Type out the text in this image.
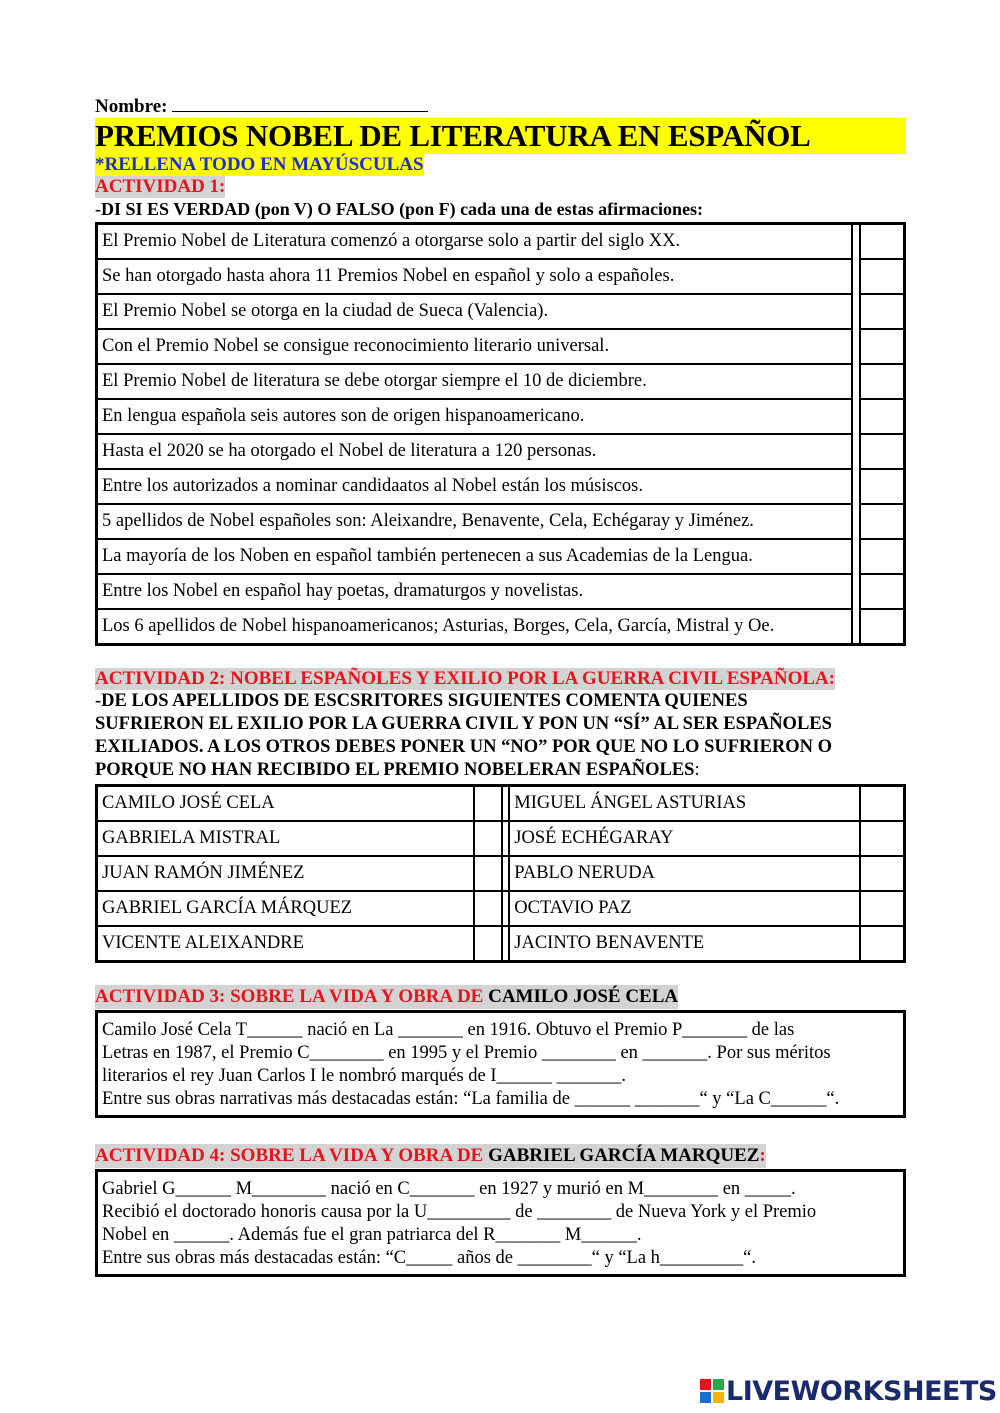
Nombre:
PREMIOS NOBEL DE LITERATURA EN ESPAÑOL
*RELLENA TODO EN MAYÚSCULAS
ACTIVIDAD 1:
-DI SI ES VERDAD (pon V) O FALSO (pon F) cada una de estas afirmaciones:
El Premio Nobel de Literatura comenzó a otorgarse solo a partir del siglo XX.		
Se han otorgado hasta ahora 11 Premios Nobel en español y solo a españoles.		
El Premio Nobel se otorga en la ciudad de Sueca (Valencia).		
Con el Premio Nobel se consigue reconocimiento literario universal.		
El Premio Nobel de literatura se debe otorgar siempre el 10 de diciembre.		
En lengua española seis autores son de origen hispanoamericano.		
Hasta el 2020 se ha otorgado el Nobel de literatura a 120 personas.		
Entre los autorizados a nominar candidaatos al Nobel están los músiscos.		
5 apellidos de Nobel españoles son: Aleixandre, Benavente, Cela, Echégaray y Jiménez.		
La mayoría de los Noben en español también pertenecen a sus Academias de la Lengua.		
Entre los Nobel en español hay poetas, dramaturgos y novelistas.		
Los 6 apellidos de Nobel hispanoamericanos; Asturias, Borges, Cela, García, Mistral y Oe.		
ACTIVIDAD 2: NOBEL ESPAÑOLES Y EXILIO POR LA GUERRA CIVIL ESPAÑOLA:
-DE LOS APELLIDOS DE ESCSRITORES SIGUIENTES COMENTA QUIENES
SUFRIERON EL EXILIO POR LA GUERRA CIVIL Y PON UN “SÍ” AL SER ESPAÑOLES
EXILIADOS. A LOS OTROS DEBES PONER UN “NO” POR QUE NO LO SUFRIERON O
PORQUE NO HAN RECIBIDO EL PREMIO NOBELERAN ESPAÑOLES:
CAMILO JOSÉ CELA			MIGUEL ÁNGEL ASTURIAS	
GABRIELA MISTRAL			JOSÉ ECHÉGARAY	
JUAN RAMÓN JIMÉNEZ			PABLO NERUDA	
GABRIEL GARCÍA MÁRQUEZ			OCTAVIO PAZ	
VICENTE ALEIXANDRE			JACINTO BENAVENTE	
ACTIVIDAD 3: SOBRE LA VIDA Y OBRA DE CAMILO JOSÉ CELA
Camilo José Cela T______ nació en La _______ en 1916. Obtuvo el Premio P_______ de las
Letras en 1987, el Premio C________ en 1995 y el Premio ________ en _______. Por sus méritos
literarios el rey Juan Carlos I le nombró marqués de I______ _______.
Entre sus obras narrativas más destacadas están: “La familia de ______ _______“ y “La C______“.
ACTIVIDAD 4: SOBRE LA VIDA Y OBRA DE GABRIEL GARCÍA MARQUEZ:
Gabriel G______ M________ nació en C_______ en 1927 y murió en M________ en _____.
Recibió el doctorado honoris causa por la U_________ de ________ de Nueva York y el Premio
Nobel en ______. Además fue el gran patriarca del R_______ M______.
Entre sus obras más destacadas están: “C_____ años de ________“ y “La h_________“.
LIVEWORKSHEETS
